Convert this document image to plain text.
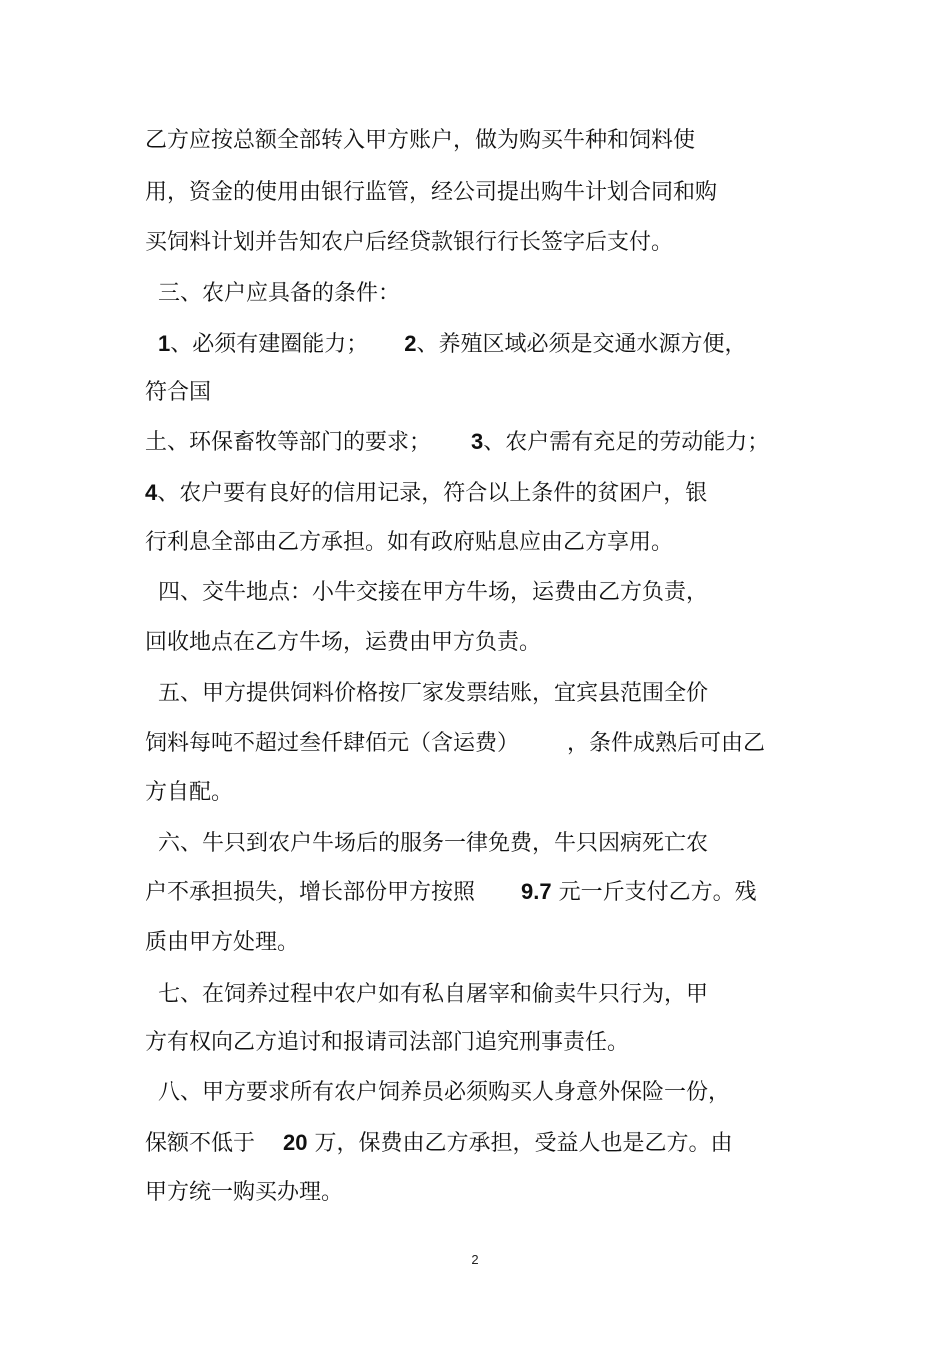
乙方应按总额全部转入甲方账户，做为购买牛种和饲料使

用，资金的使用由银行监管，经公司提出购牛计划合同和购

买饲料计划并告知农户后经贷款银行行长签字后支付。

三、农户应具备的条件：

1、必须有建圈能力； 2、养殖区域必须是交通水源方便，

符合国

土、环保畜牧等部门的要求； 3、农户需有充足的劳动能力；

4、农户要有良好的信用记录，符合以上条件的贫困户，银

行利息全部由乙方承担。如有政府贴息应由乙方享用。

四、交牛地点：小牛交接在甲方牛场，运费由乙方负责，

回收地点在乙方牛场，运费由甲方负责。

五、甲方提供饲料价格按厂家发票结账，宜宾县范围全价

饲料每吨不超过叁仟肆佰元（含运费） ，条件成熟后可由乙

方自配。

六、牛只到农户牛场后的服务一律免费，牛只因病死亡农

户不承担损失，增长部份甲方按照 9.7 元一斤支付乙方。残

质由甲方处理。

七、在饲养过程中农户如有私自屠宰和偷卖牛只行为，甲

方有权向乙方追讨和报请司法部门追究刑事责任。

八、甲方要求所有农户饲养员必须购买人身意外保险一份，

保额不低于 20 万，保费由乙方承担，受益人也是乙方。由

甲方统一购买办理。

2
